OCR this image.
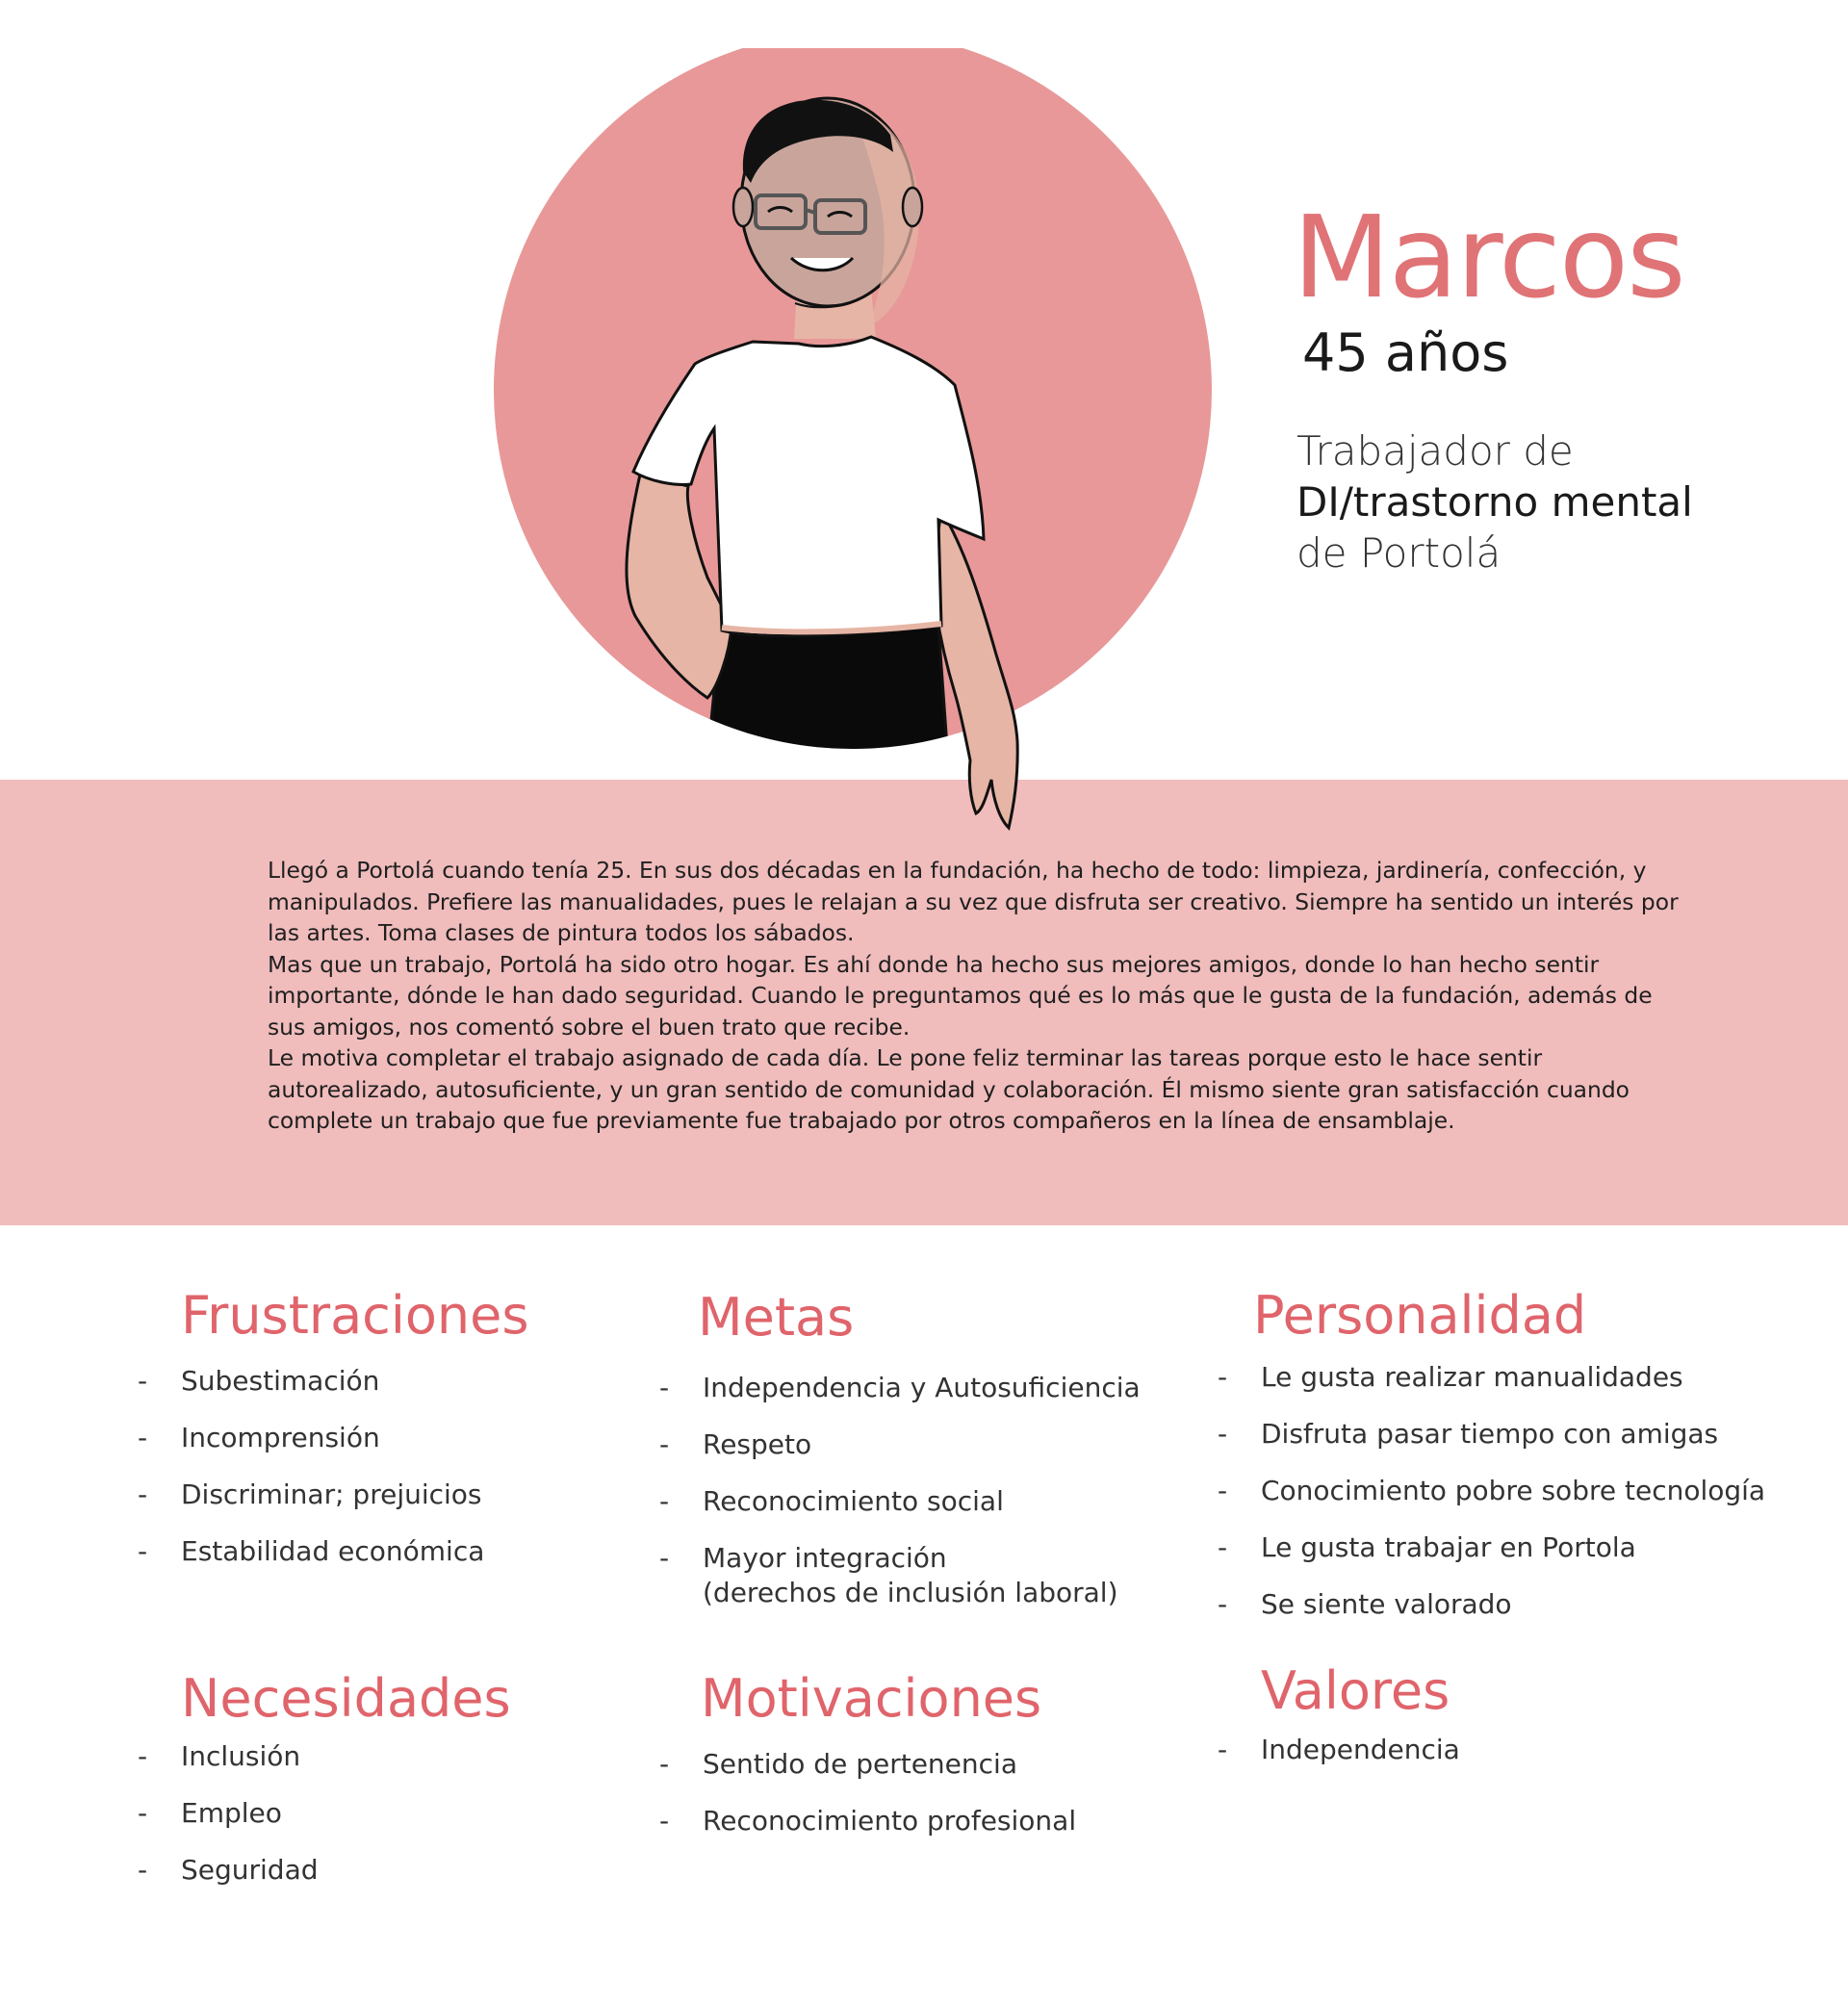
Llegó a Portolá cuando tenía 25. En sus dos décadas en la fundación, ha hecho de todo: limpieza, jardinería, confección, y manipulados. Prefiere las manualidades, pues le relajan a su vez que disfruta ser creativo. Siempre ha sentido un interés por las artes. Toma clases de pintura todos los sábados.

Mas que un trabajo, Portolá ha sido otro hogar. Es ahí donde ha hecho sus mejores amigos, donde lo han hecho sentir importante, dónde le han dado seguridad. Cuando le preguntamos qué es lo más que le gusta de la fundación, además de sus amigos, nos comentó sobre el buen trato que recibe.

Le motiva completar el trabajo asignado de cada día. Le pone feliz terminar las tareas porque esto le hace sentir autorealizado, autosuficiente, y un gran sentido de comunidad y colaboración. Él mismo siente gran satisfacción cuando complete un trabajo que fue previamente fue trabajado por otros compañeros en la línea de ensamblaje.

Marcos
45 años
Trabajador de
DI/trastorno mental
de Portolá
Frustraciones
-	Subestimación
-	Incomprensión
-	Discriminar; prejuicios
-	Estabilidad económica
Metas
-	Independencia y Autosuficiencia
-	Respeto
-	Reconocimiento social
-	Mayor integración
(derechos de inclusión laboral)
Personalidad
-	Le gusta realizar manualidades
-	Disfruta pasar tiempo con amigas
-	Conocimiento pobre sobre tecnología
-	Le gusta trabajar en Portola
-	Se siente valorado
Necesidades
-	Inclusión
-	Empleo
-	Seguridad
Motivaciones
-	Sentido de pertenencia
-	Reconocimiento profesional
Valores
-	Independencia
